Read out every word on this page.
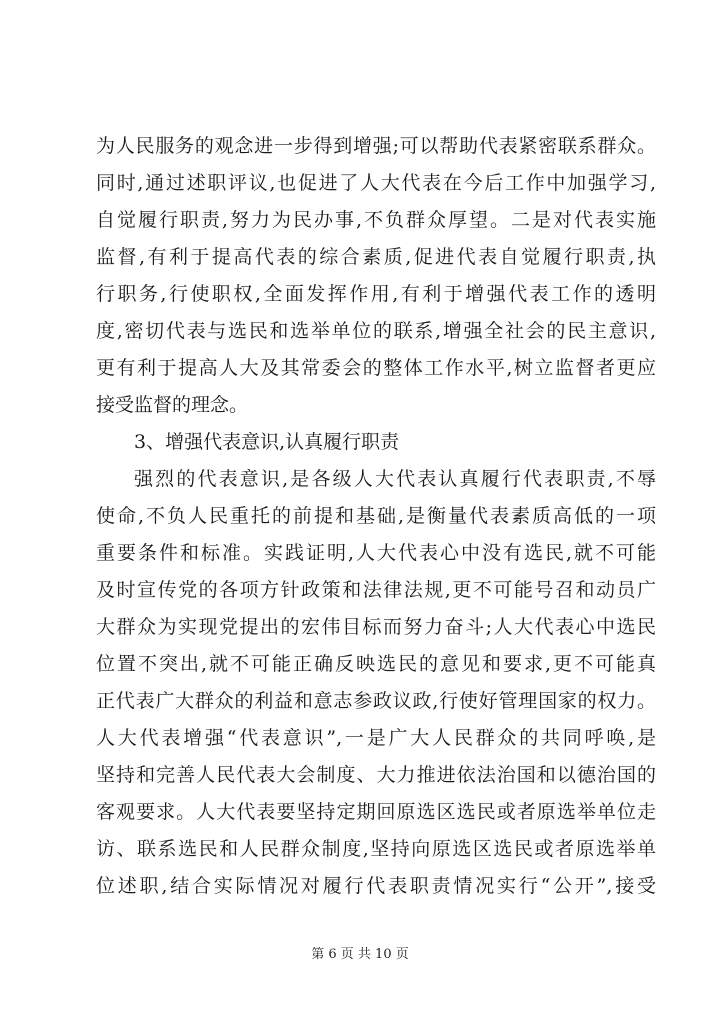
为人民服务的观念进一步得到增强;可以帮助代表紧密联系群众。
同时,通过述职评议,也促进了人大代表在今后工作中加强学习,
自觉履行职责,努力为民办事,不负群众厚望。二是对代表实施
监督,有利于提高代表的综合素质,促进代表自觉履行职责,执
行职务,行使职权,全面发挥作用,有利于增强代表工作的透明
度,密切代表与选民和选举单位的联系,增强全社会的民主意识,
更有利于提高人大及其常委会的整体工作水平,树立监督者更应
接受监督的理念。
3、增强代表意识,认真履行职责
强烈的代表意识,是各级人大代表认真履行代表职责,不辱
使命,不负人民重托的前提和基础,是衡量代表素质高低的一项
重要条件和标准。实践证明,人大代表心中没有选民,就不可能
及时宣传党的各项方针政策和法律法规,更不可能号召和动员广
大群众为实现党提出的宏伟目标而努力奋斗;人大代表心中选民
位置不突出,就不可能正确反映选民的意见和要求,更不可能真
正代表广大群众的利益和意志参政议政,行使好管理国家的权力。
人大代表增强“代表意识”,一是广大人民群众的共同呼唤,是
坚持和完善人民代表大会制度、大力推进依法治国和以德治国的
客观要求。人大代表要坚持定期回原选区选民或者原选举单位走
访、联系选民和人民群众制度,坚持向原选区选民或者原选举单
位述职,结合实际情况对履行代表职责情况实行“公开”,接受
第 6 页 共 10 页
